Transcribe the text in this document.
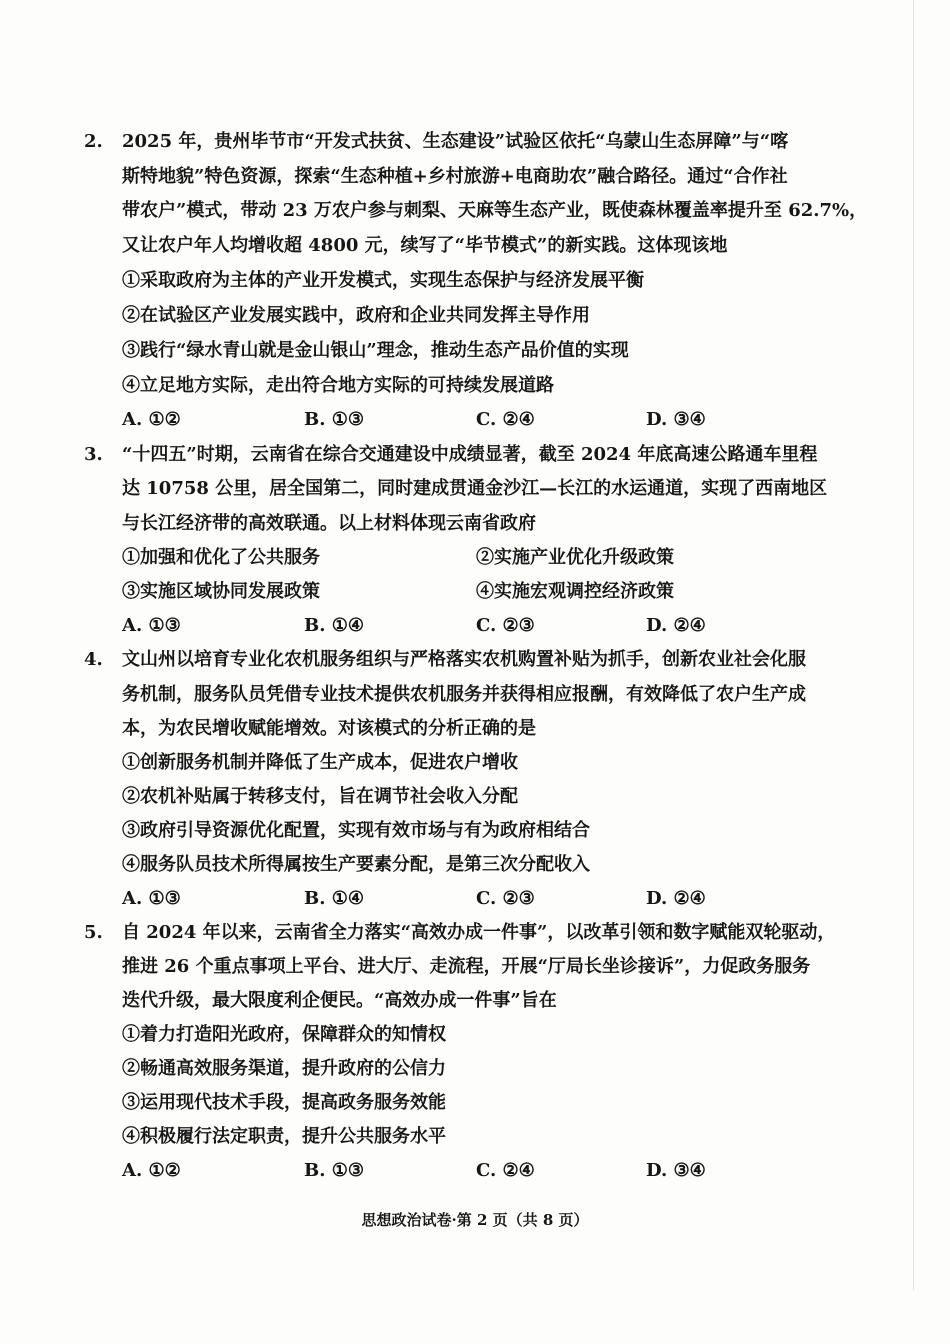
2. 2025 年，贵州毕节市“开发式扶贫、生态建设”试验区依托“乌蒙山生态屏障”与“喀
斯特地貌”特色资源，探索“生态种植+乡村旅游+电商助农”融合路径。通过“合作社
带农户”模式，带动 23 万农户参与刺梨、天麻等生态产业，既使森林覆盖率提升至 62.7%，
又让农户年人均增收超 4800 元，续写了“毕节模式”的新实践。这体现该地
①采取政府为主体的产业开发模式，实现生态保护与经济发展平衡
②在试验区产业发展实践中，政府和企业共同发挥主导作用
③践行“绿水青山就是金山银山”理念，推动生态产品价值的实现
④立足地方实际，走出符合地方实际的可持续发展道路
A. ①②	B. ①③	C. ②④	D. ③④
3. “十四五”时期，云南省在综合交通建设中成绩显著，截至 2024 年底高速公路通车里程
达 10758 公里，居全国第二，同时建成贯通金沙江—长江的水运通道，实现了西南地区
与长江经济带的高效联通。以上材料体现云南省政府
①加强和优化了公共服务	②实施产业优化升级政策
③实施区域协同发展政策	④实施宏观调控经济政策
A. ①③	B. ①④	C. ②③	D. ②④
4. 文山州以培育专业化农机服务组织与严格落实农机购置补贴为抓手，创新农业社会化服
务机制，服务队员凭借专业技术提供农机服务并获得相应报酬，有效降低了农户生产成
本，为农民增收赋能增效。对该模式的分析正确的是
①创新服务机制并降低了生产成本，促进农户增收
②农机补贴属于转移支付，旨在调节社会收入分配
③政府引导资源优化配置，实现有效市场与有为政府相结合
④服务队员技术所得属按生产要素分配，是第三次分配收入
A. ①③	B. ①④	C. ②③	D. ②④
5. 自 2024 年以来，云南省全力落实“高效办成一件事”，以改革引领和数字赋能双轮驱动，
推进 26 个重点事项上平台、进大厅、走流程，开展“厅局长坐诊接诉”，力促政务服务
迭代升级，最大限度利企便民。“高效办成一件事”旨在
①着力打造阳光政府，保障群众的知情权
②畅通高效服务渠道，提升政府的公信力
③运用现代技术手段，提高政务服务效能
④积极履行法定职责，提升公共服务水平
A. ①②	B. ①③	C. ②④	D. ③④
思想政治试卷·第 2 页（共 8 页）
